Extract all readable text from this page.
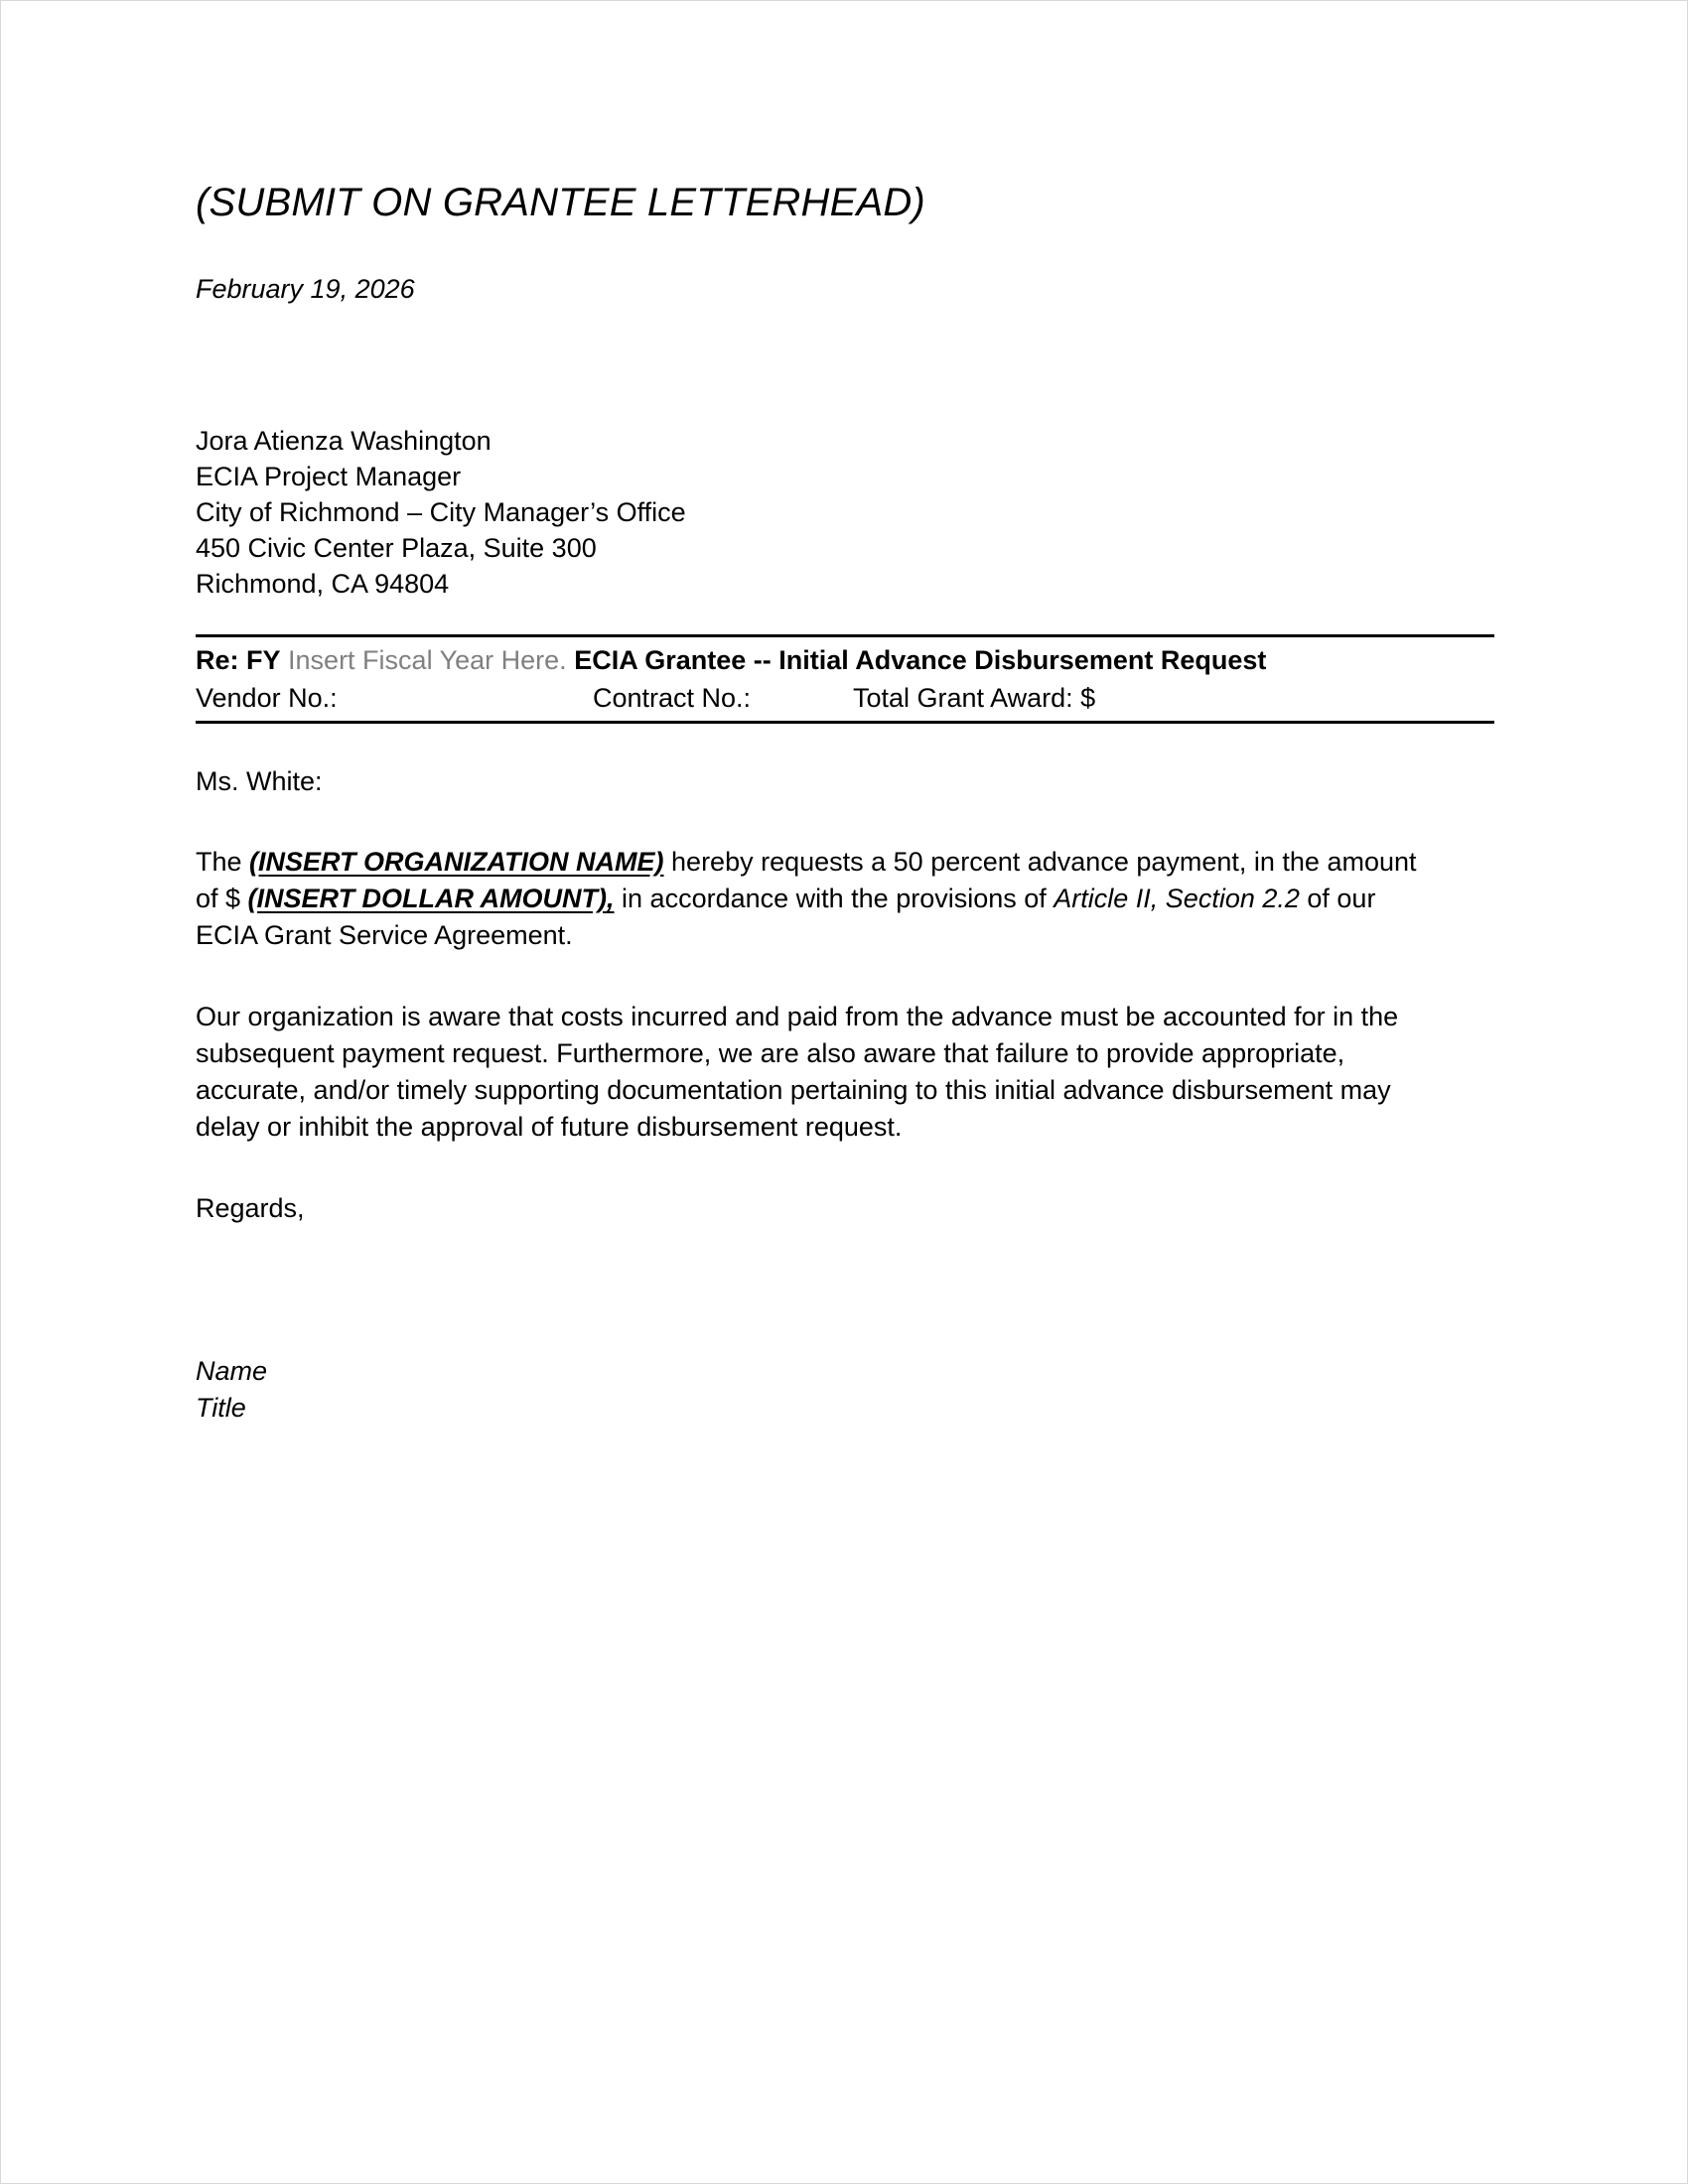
(SUBMIT ON GRANTEE LETTERHEAD)
February 19, 2026
Jora Atienza Washington
ECIA Project Manager
City of Richmond – City Manager’s Office
450 Civic Center Plaza, Suite 300
Richmond, CA 94804
Re: FY Insert Fiscal Year Here. ECIA Grantee -- Initial Advance Disbursement Request
Vendor No.:	Contract No.:	Total Grant Award: $
Ms. White:
The (INSERT ORGANIZATION NAME) hereby requests a 50 percent advance payment, in the amount of $ (INSERT DOLLAR AMOUNT), in accordance with the provisions of Article II, Section 2.2 of our ECIA Grant Service Agreement.
Our organization is aware that costs incurred and paid from the advance must be accounted for in the subsequent payment request. Furthermore, we are also aware that failure to provide appropriate, accurate, and/or timely supporting documentation pertaining to this initial advance disbursement may delay or inhibit the approval of future disbursement request.
Regards,
Name
Title
